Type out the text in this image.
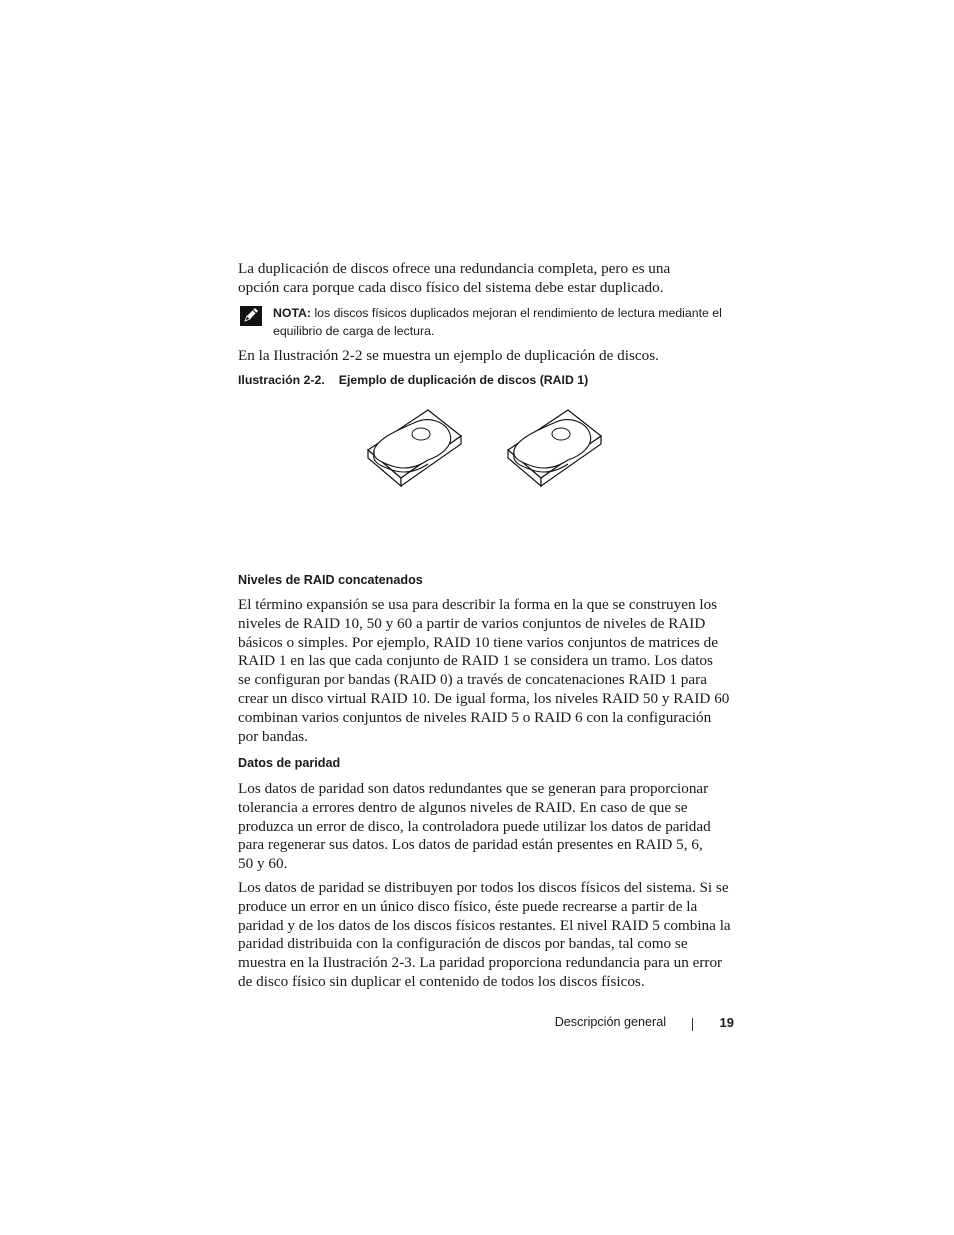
La duplicación de discos ofrece una redundancia completa, pero es una
opción cara porque cada disco físico del sistema debe estar duplicado.

NOTA: los discos físicos duplicados mejoran el rendimiento de lectura mediante el
equilibrio de carga de lectura.

En la Ilustración 2-2 se muestra un ejemplo de duplicación de discos.

Ilustración 2-2. Ejemplo de duplicación de discos (RAID 1)
Niveles de RAID concatenados

El término expansión se usa para describir la forma en la que se construyen los
niveles de RAID 10, 50 y 60 a partir de varios conjuntos de niveles de RAID
básicos o simples. Por ejemplo, RAID 10 tiene varios conjuntos de matrices de
RAID 1 en las que cada conjunto de RAID 1 se considera un tramo. Los datos
se configuran por bandas (RAID 0) a través de concatenaciones RAID 1 para
crear un disco virtual RAID 10. De igual forma, los niveles RAID 50 y RAID 60
combinan varios conjuntos de niveles RAID 5 o RAID 6 con la configuración
por bandas.

Datos de paridad

Los datos de paridad son datos redundantes que se generan para proporcionar
tolerancia a errores dentro de algunos niveles de RAID. En caso de que se
produzca un error de disco, la controladora puede utilizar los datos de paridad
para regenerar sus datos. Los datos de paridad están presentes en RAID 5, 6,
50 y 60.

Los datos de paridad se distribuyen por todos los discos físicos del sistema. Si se
produce un error en un único disco físico, éste puede recrearse a partir de la
paridad y de los datos de los discos físicos restantes. El nivel RAID 5 combina la
paridad distribuida con la configuración de discos por bandas, tal como se
muestra en la Ilustración 2-3. La paridad proporciona redundancia para un error
de disco físico sin duplicar el contenido de todos los discos físicos.

Descripción general	19
